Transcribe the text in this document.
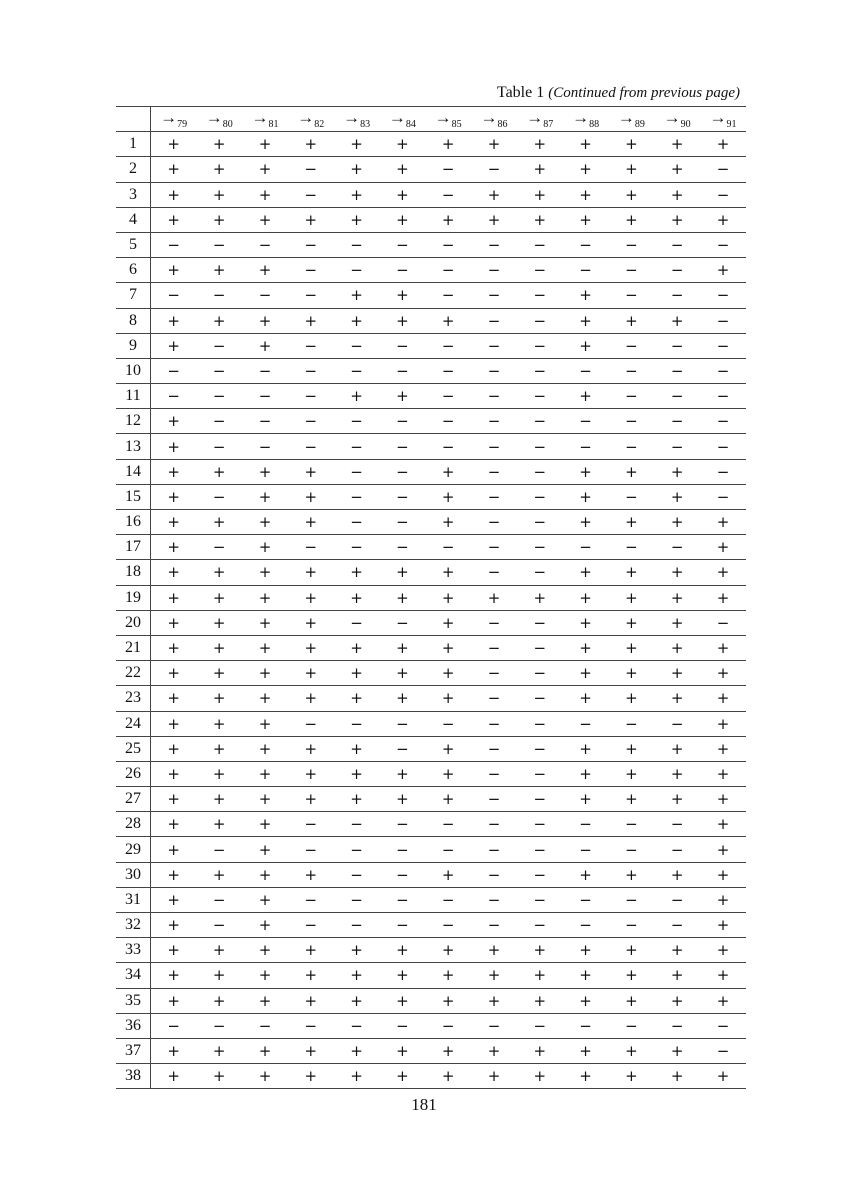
Table 1 (Continued from previous page)
	$\to_{79}$	$\to_{80}$	$\to_{81}$	$\to_{82}$	$\to_{83}$	$\to_{84}$	$\to_{85}$	$\to_{86}$	$\to_{87}$	$\to_{88}$	$\to_{89}$	$\to_{90}$	$\to_{91}$
1	+	+	+	+	+	+	+	+	+	+	+	+	+
2	+	+	+	−	+	+	−	−	+	+	+	+	−
3	+	+	+	−	+	+	−	+	+	+	+	+	−
4	+	+	+	+	+	+	+	+	+	+	+	+	+
5	−	−	−	−	−	−	−	−	−	−	−	−	−
6	+	+	+	−	−	−	−	−	−	−	−	−	+
7	−	−	−	−	+	+	−	−	−	+	−	−	−
8	+	+	+	+	+	+	+	−	−	+	+	+	−
9	+	−	+	−	−	−	−	−	−	+	−	−	−
10	−	−	−	−	−	−	−	−	−	−	−	−	−
11	−	−	−	−	+	+	−	−	−	+	−	−	−
12	+	−	−	−	−	−	−	−	−	−	−	−	−
13	+	−	−	−	−	−	−	−	−	−	−	−	−
14	+	+	+	+	−	−	+	−	−	+	+	+	−
15	+	−	+	+	−	−	+	−	−	+	−	+	−
16	+	+	+	+	−	−	+	−	−	+	+	+	+
17	+	−	+	−	−	−	−	−	−	−	−	−	+
18	+	+	+	+	+	+	+	−	−	+	+	+	+
19	+	+	+	+	+	+	+	+	+	+	+	+	+
20	+	+	+	+	−	−	+	−	−	+	+	+	−
21	+	+	+	+	+	+	+	−	−	+	+	+	+
22	+	+	+	+	+	+	+	−	−	+	+	+	+
23	+	+	+	+	+	+	+	−	−	+	+	+	+
24	+	+	+	−	−	−	−	−	−	−	−	−	+
25	+	+	+	+	+	−	+	−	−	+	+	+	+
26	+	+	+	+	+	+	+	−	−	+	+	+	+
27	+	+	+	+	+	+	+	−	−	+	+	+	+
28	+	+	+	−	−	−	−	−	−	−	−	−	+
29	+	−	+	−	−	−	−	−	−	−	−	−	+
30	+	+	+	+	−	−	+	−	−	+	+	+	+
31	+	−	+	−	−	−	−	−	−	−	−	−	+
32	+	−	+	−	−	−	−	−	−	−	−	−	+
33	+	+	+	+	+	+	+	+	+	+	+	+	+
34	+	+	+	+	+	+	+	+	+	+	+	+	+
35	+	+	+	+	+	+	+	+	+	+	+	+	+
36	−	−	−	−	−	−	−	−	−	−	−	−	−
37	+	+	+	+	+	+	+	+	+	+	+	+	−
38	+	+	+	+	+	+	+	+	+	+	+	+	+
181
